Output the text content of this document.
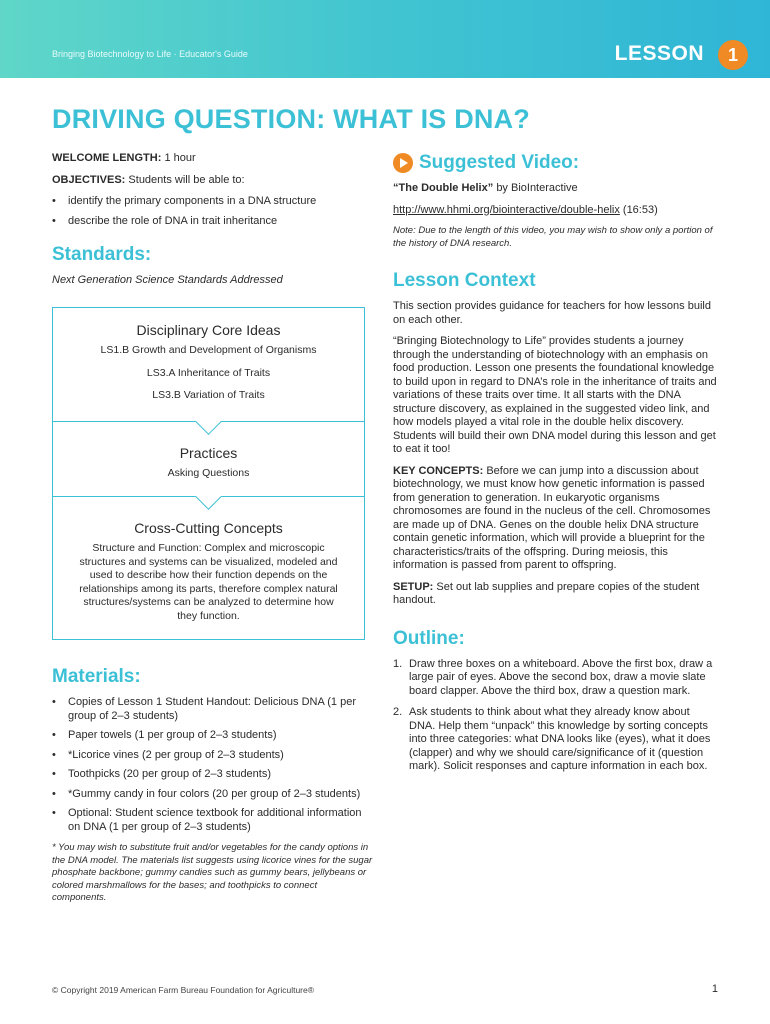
Bringing Biotechnology to Life · Educator's Guide	LESSON	1
DRIVING QUESTION: WHAT IS DNA?

WELCOME LENGTH: 1 hour

OBJECTIVES: Students will be able to:

• identify the primary components in a DNA structure
• describe the role of DNA in trait inheritance
Standards:

Next Generation Science Standards Addressed

Disciplinary Core Ideas
LS1.B Growth and Development of Organisms
LS3.A Inheritance of Traits
LS3.B Variation of Traits
Practices
Asking Questions
Cross-Cutting Concepts
Structure and Function: Complex and microscopic structures and systems can be visualized, modeled and used to describe how their function depends on the relationships among its parts, therefore complex natural structures/systems can be analyzed to determine how they function.
Materials:
• Copies of Lesson 1 Student Handout: Delicious DNA (1 per group of 2–3 students)
• Paper towels (1 per group of 2–3 students)
• *Licorice vines (2 per group of 2–3 students)
• Toothpicks (20 per group of 2–3 students)
• *Gummy candy in four colors (20 per group of 2–3 students)
• Optional: Student science textbook for additional information on DNA (1 per group of 2–3 students)
* You may wish to substitute fruit and/or vegetables for the candy options in the DNA model. The materials list suggests using licorice vines for the sugar phosphate backbone; gummy candies such as gummy bears, jellybeans or colored marshmallows for the bases; and toothpicks to connect components.
Suggested Video:

“The Double Helix” by BioInteractive

http://www.hhmi.org/biointeractive/double-helix (16:53)

Note: Due to the length of this video, you may wish to show only a portion of the history of DNA research.

Lesson Context

This section provides guidance for teachers for how lessons build on each other.

“Bringing Biotechnology to Life” provides students a journey through the understanding of biotechnology with an emphasis on food production. Lesson one presents the foundational knowledge to build upon in regard to DNA’s role in the inheritance of traits and variations of these traits over time. It all starts with the DNA structure discovery, as explained in the suggested video link, and how models played a vital role in the double helix discovery. Students will build their own DNA model during this lesson and get to eat it too!

KEY CONCEPTS: Before we can jump into a discussion about biotechnology, we must know how genetic information is passed from generation to generation. In eukaryotic organisms chromosomes are found in the nucleus of the cell. Chromosomes are made up of DNA. Genes on the double helix DNA structure contain genetic information, which will provide a blueprint for the characteristics/traits of the offspring. During meiosis, this information is passed from parent to offspring.

SETUP: Set out lab supplies and prepare copies of the student handout.

Outline:
1. Draw three boxes on a whiteboard. Above the first box, draw a large pair of eyes. Above the second box, draw a movie slate board clapper. Above the third box, draw a question mark.
2. Ask students to think about what they already know about DNA. Help them “unpack” this knowledge by sorting concepts into three categories: what DNA looks like (eyes), what it does (clapper) and why we should care/significance of it (question mark). Solicit responses and capture information in each box.
© Copyright 2019 American Farm Bureau Foundation for Agriculture®	1
